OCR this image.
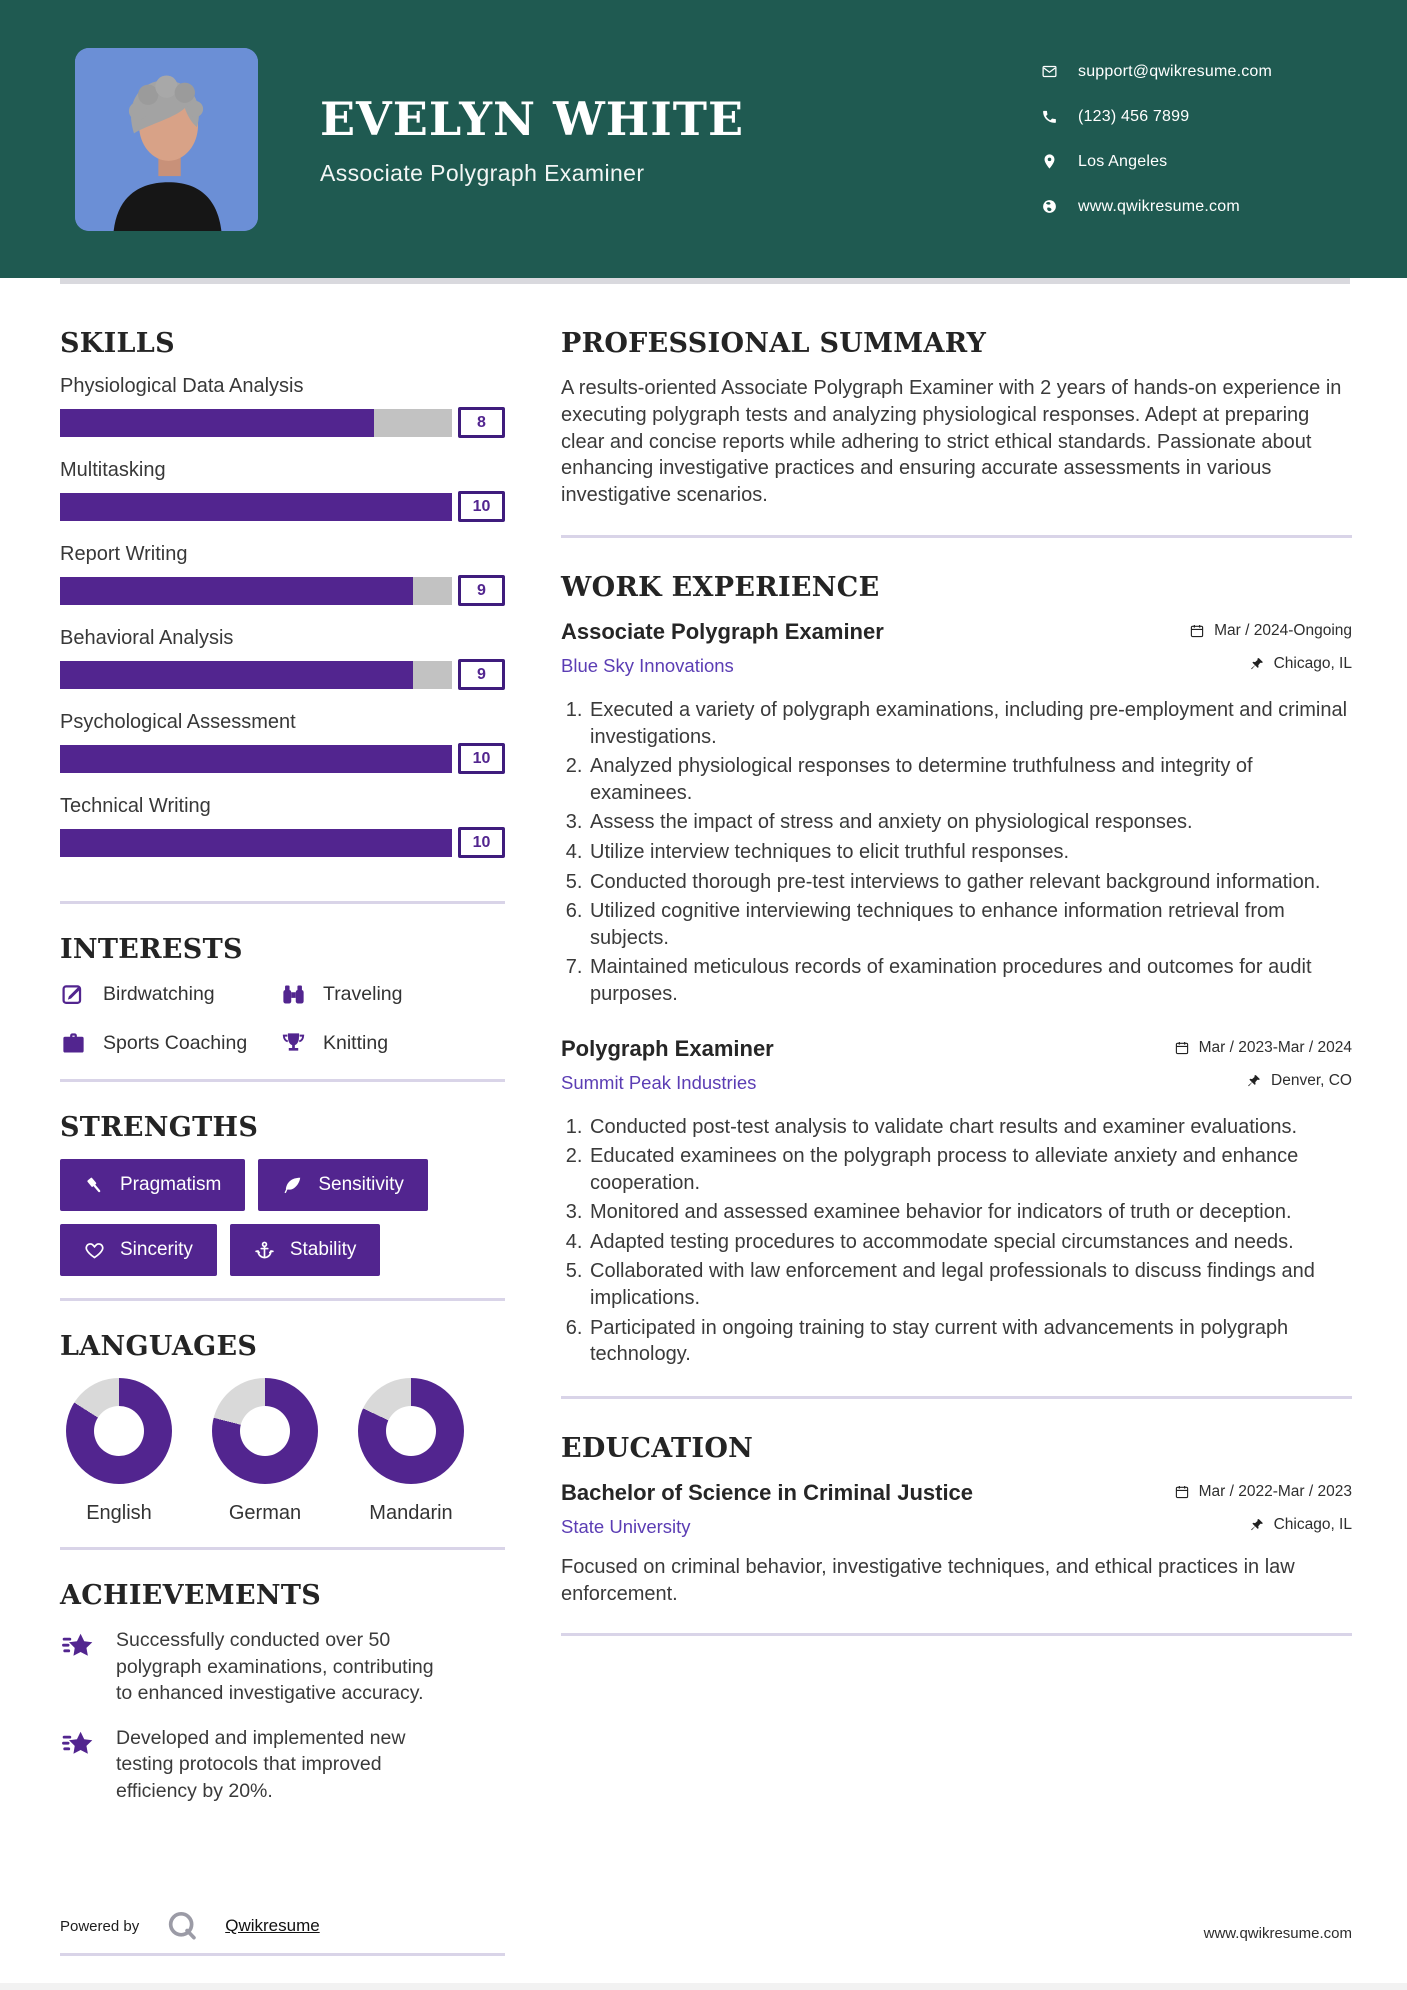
EVELYN WHITE
Associate Polygraph Examiner
support@qwikresume.com
(123) 456 7899
Los Angeles
www.qwikresume.com
SKILLS
Physiological Data Analysis
8
Multitasking
10
Report Writing
9
Behavioral Analysis
9
Psychological Assessment
10
Technical Writing
10
INTERESTS
Birdwatching	Traveling
Sports Coaching	Knitting
STRENGTHS
Pragmatism	Sensitivity
Sincerity	Stability
LANGUAGES
English	German	Mandarin
ACHIEVEMENTS
Successfully conducted over 50 polygraph examinations, contributing to enhanced investigative accuracy.
Developed and implemented new testing protocols that improved efficiency by 20%.
Powered by	Qwikresume
PROFESSIONAL SUMMARY

A results-oriented Associate Polygraph Examiner with 2 years of hands-on experience in executing polygraph tests and analyzing physiological responses. Adept at preparing clear and concise reports while adhering to strict ethical standards. Passionate about enhancing investigative practices and ensuring accurate assessments in various investigative scenarios.

WORK EXPERIENCE
Associate Polygraph Examiner	Mar / 2024-Ongoing
Blue Sky Innovations	Chicago, IL
1. Executed a variety of polygraph examinations, including pre-employment and criminal investigations.
2. Analyzed physiological responses to determine truthfulness and integrity of examinees.
3. Assess the impact of stress and anxiety on physiological responses.
4. Utilize interview techniques to elicit truthful responses.
5. Conducted thorough pre-test interviews to gather relevant background information.
6. Utilized cognitive interviewing techniques to enhance information retrieval from subjects.
7. Maintained meticulous records of examination procedures and outcomes for audit purposes.
Polygraph Examiner	Mar / 2023-Mar / 2024
Summit Peak Industries	Denver, CO
1. Conducted post-test analysis to validate chart results and examiner evaluations.
2. Educated examinees on the polygraph process to alleviate anxiety and enhance cooperation.
3. Monitored and assessed examinee behavior for indicators of truth or deception.
4. Adapted testing procedures to accommodate special circumstances and needs.
5. Collaborated with law enforcement and legal professionals to discuss findings and implications.
6. Participated in ongoing training to stay current with advancements in polygraph technology.
EDUCATION
Bachelor of Science in Criminal Justice	Mar / 2022-Mar / 2023
State University	Chicago, IL

Focused on criminal behavior, investigative techniques, and ethical practices in law enforcement.

www.qwikresume.com
